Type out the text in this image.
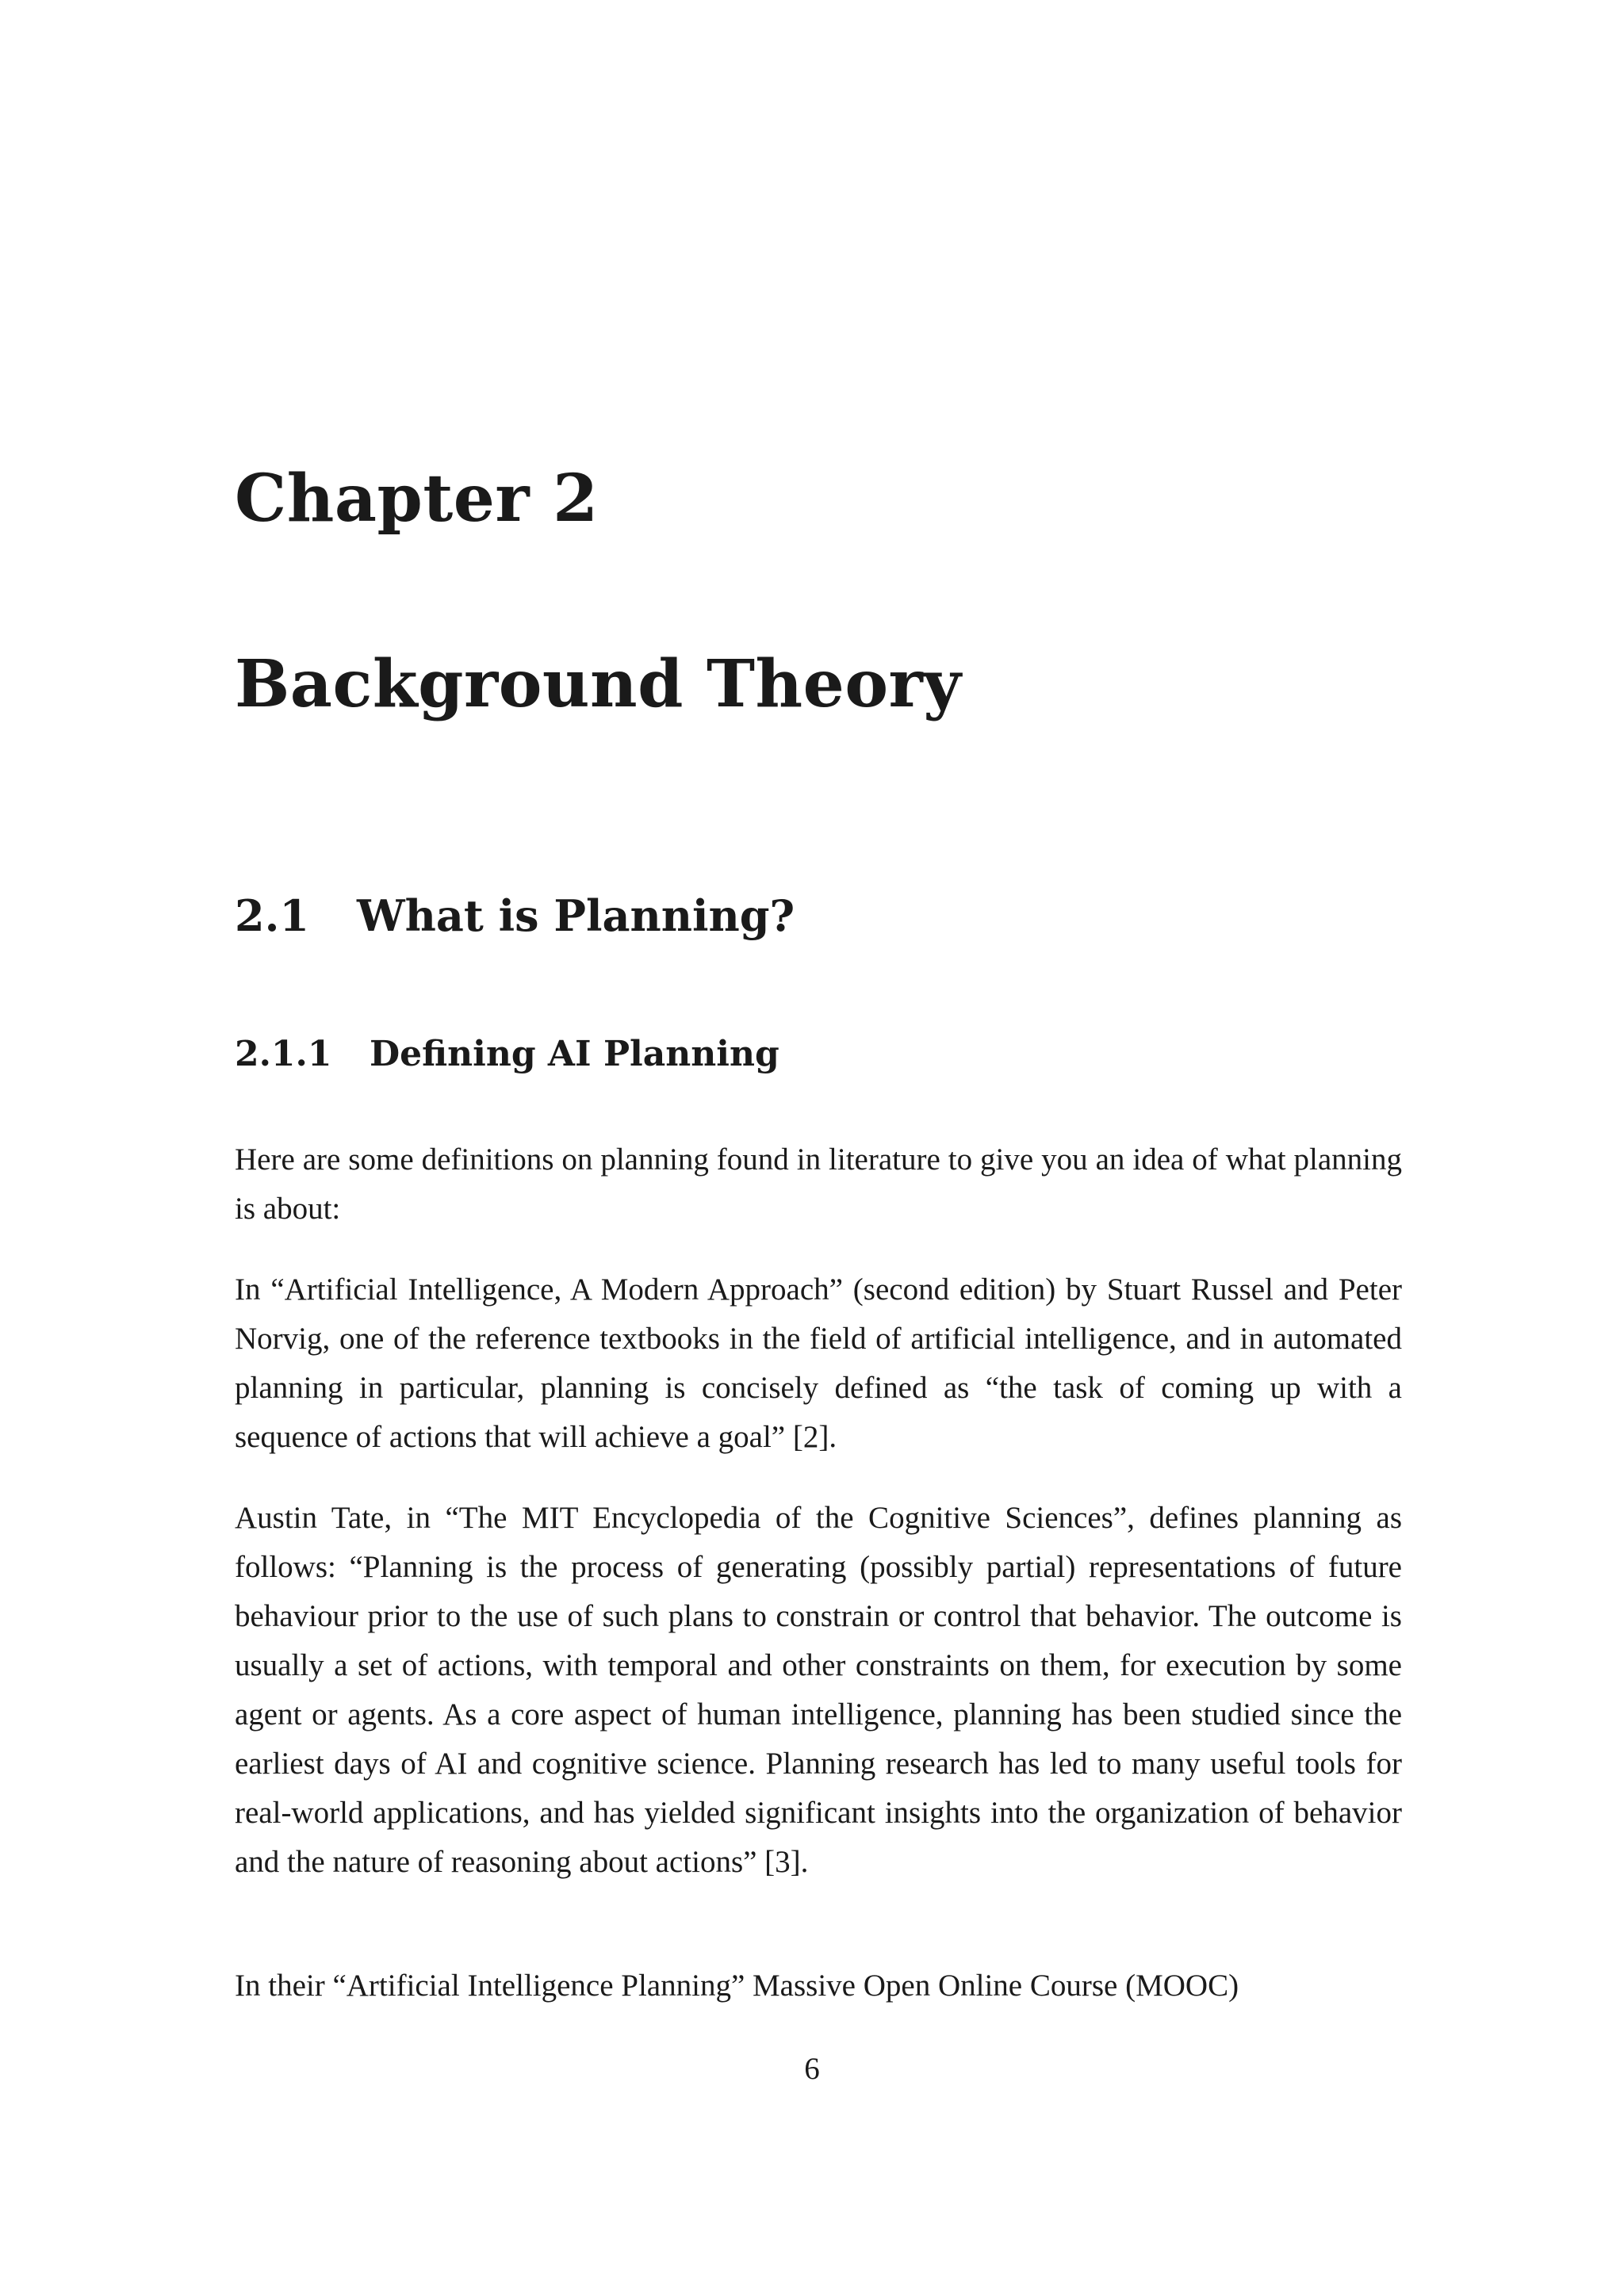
Chapter 2
Background Theory
2.1 What is Planning?
2.1.1 Defining AI Planning

Here are some definitions on planning found in literature to give you an idea of what planning is about:

In “Artificial Intelligence, A Modern Approach” (second edition) by Stuart Russel and Peter Norvig, one of the reference textbooks in the field of artificial intelligence, and in automated planning in particular, planning is concisely defined as “the task of coming up with a sequence of actions that will achieve a goal” [2].

Austin Tate, in “The MIT Encyclopedia of the Cognitive Sciences”, defines planning as follows: “Planning is the process of generating (possibly partial) representations of future behaviour prior to the use of such plans to constrain or control that behavior. The outcome is usually a set of actions, with temporal and other constraints on them, for execution by some agent or agents. As a core aspect of human intelligence, planning has been studied since the earliest days of AI and cognitive science. Planning research has led to many useful tools for real-world applications, and has yielded significant insights into the organization of behavior and the nature of reasoning about actions” [3].

In their “Artificial Intelligence Planning” Massive Open Online Course (MOOC)

6
